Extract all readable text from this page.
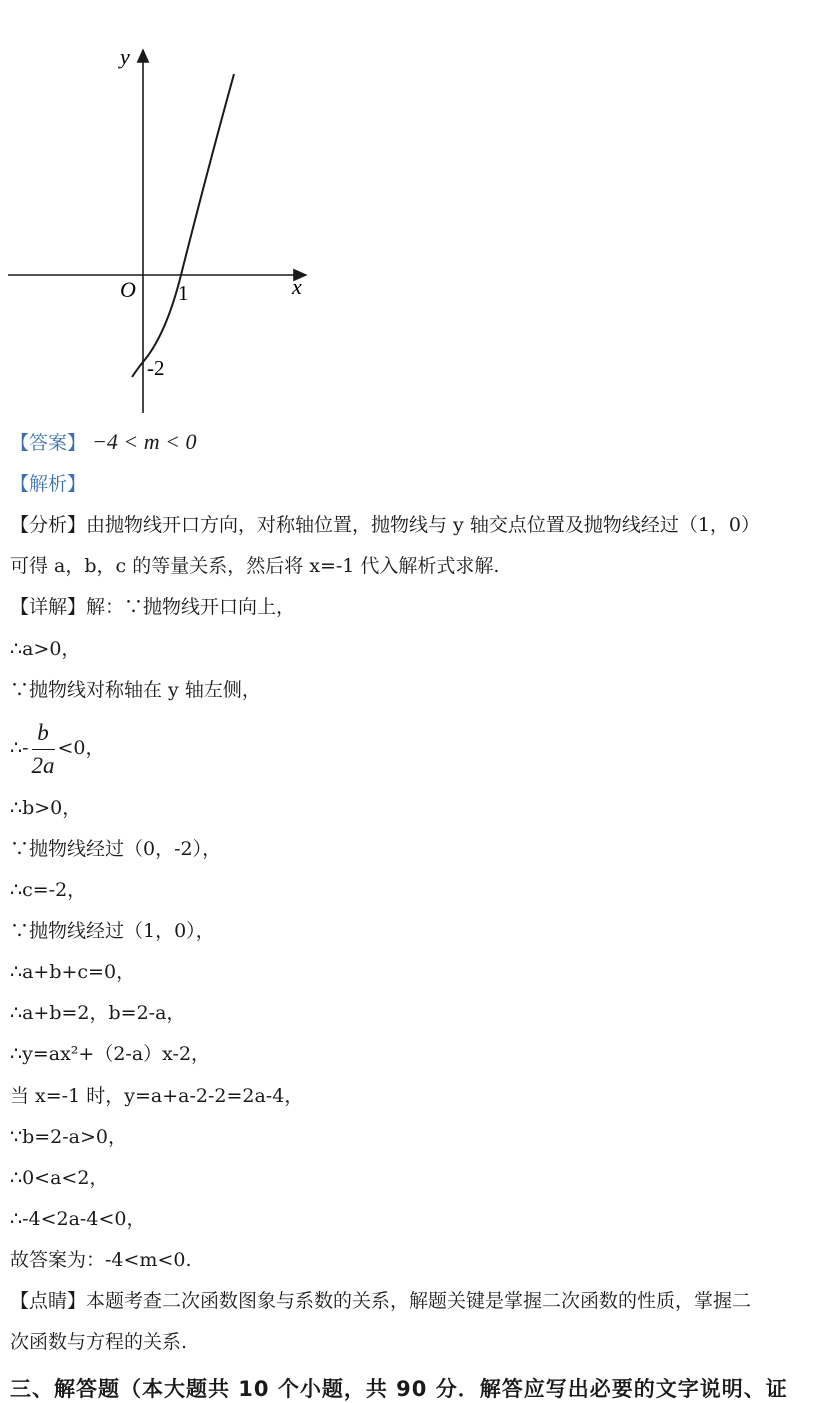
y
x
O 1
-2
【答案】 −4 < m < 0
【解析】
【分析】由抛物线开口方向，对称轴位置，抛物线与 y 轴交点位置及抛物线经过（1，0）
可得 a，b，c 的等量关系，然后将 x=-1 代入解析式求解.
【详解】解：∵抛物线开口向上，
∴a>0，
∵抛物线对称轴在 y 轴左侧，
∴- $\frac{b}{2a} <0$，
∴b>0，
∵抛物线经过（0，-2），
∴c=-2，
∵抛物线经过（1，0），
∴a+b+c=0，
∴a+b=2，b=2-a，
∴y=ax²+（2-a）x-2，
当 x=-1 时，y=a+a-2-2=2a-4，
∵b=2-a>0，
∴0<a<2，
∴-4<2a-4<0，
故答案为：-4<m<0.
【点睛】本题考查二次函数图象与系数的关系，解题关键是掌握二次函数的性质，掌握二
次函数与方程的关系.
三、解答题（本大题共 10 个小题，共 90 分．解答应写出必要的文字说明、证
